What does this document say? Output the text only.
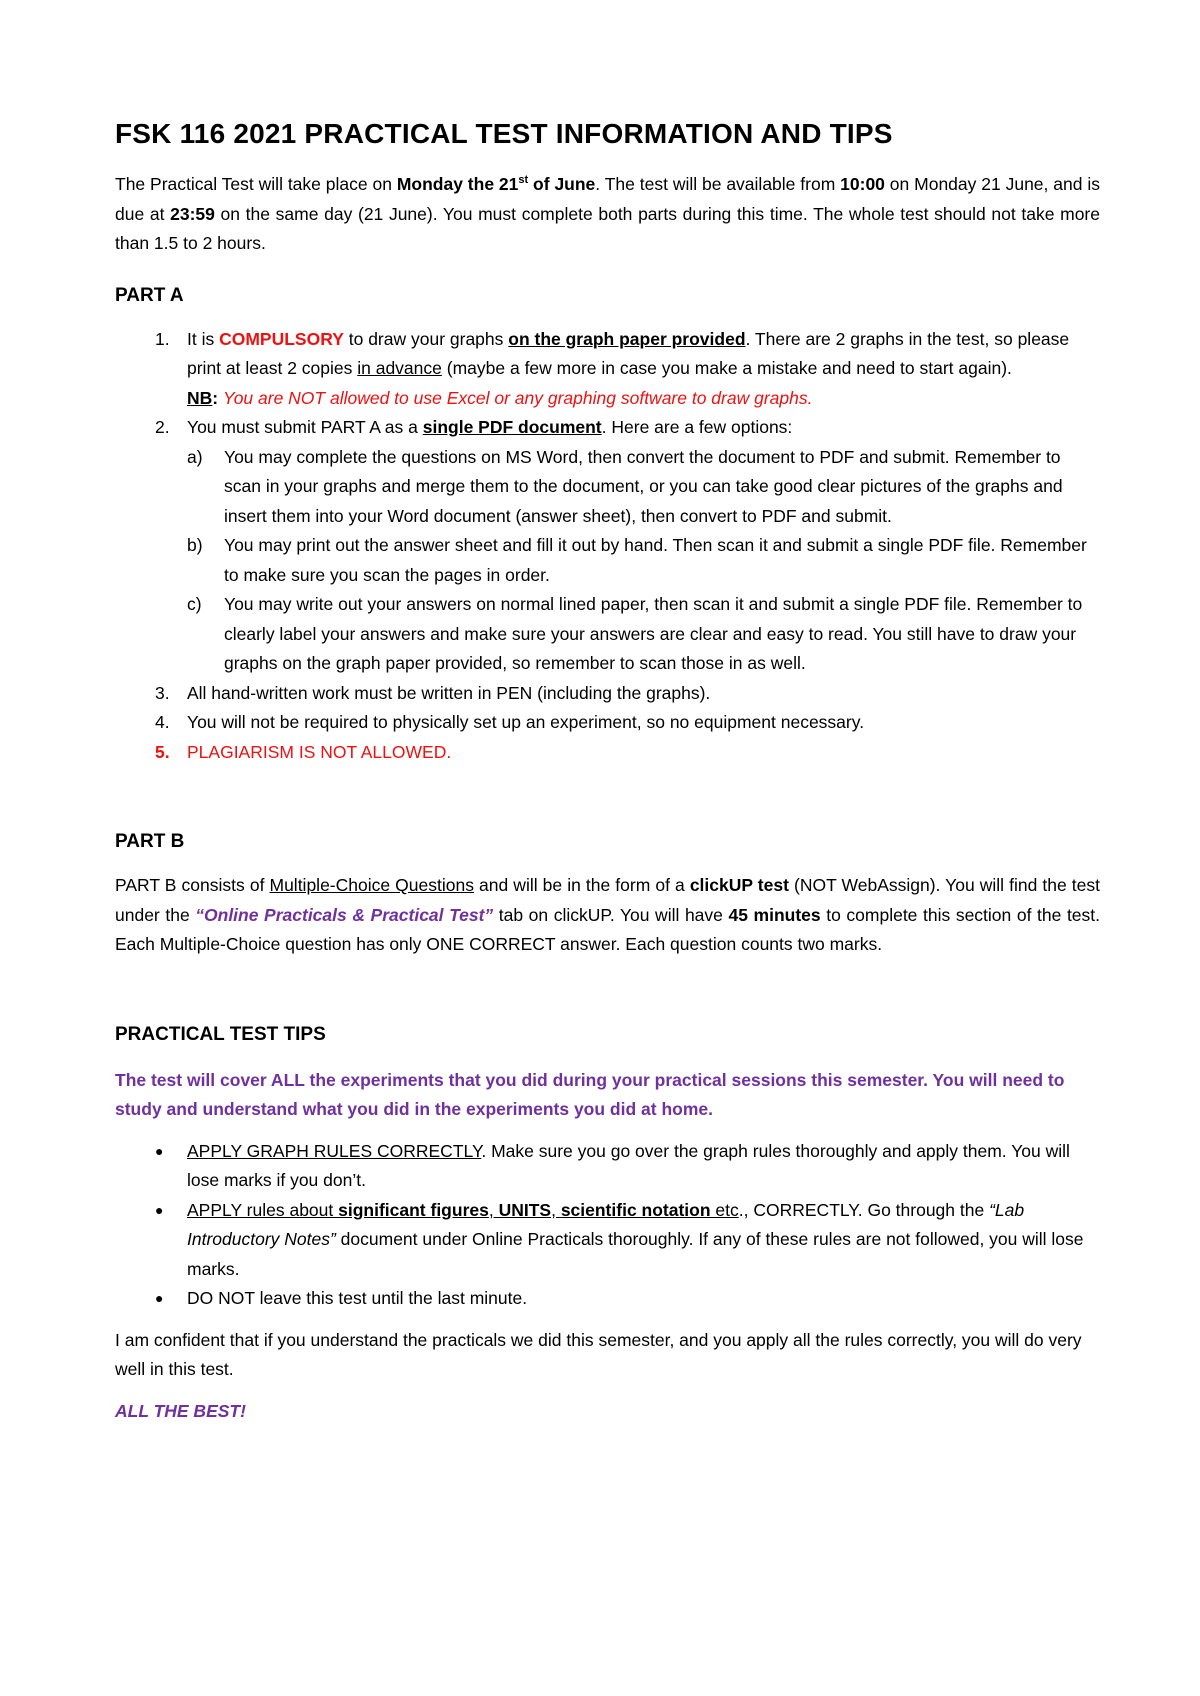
FSK 116 2021 PRACTICAL TEST INFORMATION AND TIPS

The Practical Test will take place on Monday the 21st of June. The test will be available from 10:00 on Monday 21 June, and is due at 23:59 on the same day (21 June). You must complete both parts during this time. The whole test should not take more than 1.5 to 2 hours.

PART A
1. It is COMPULSORY to draw your graphs on the graph paper provided. There are 2 graphs in the test, so please print at least 2 copies in advance (maybe a few more in case you make a mistake and need to start again).
NB: You are NOT allowed to use Excel or any graphing software to draw graphs.
2. You must submit PART A as a single PDF document. Here are a few options:
a) You may complete the questions on MS Word, then convert the document to PDF and submit. Remember to scan in your graphs and merge them to the document, or you can take good clear pictures of the graphs and insert them into your Word document (answer sheet), then convert to PDF and submit.
b) You may print out the answer sheet and fill it out by hand. Then scan it and submit a single PDF file. Remember to make sure you scan the pages in order.
c) You may write out your answers on normal lined paper, then scan it and submit a single PDF file. Remember to clearly label your answers and make sure your answers are clear and easy to read. You still have to draw your graphs on the graph paper provided, so remember to scan those in as well.
3. All hand-written work must be written in PEN (including the graphs).
4. You will not be required to physically set up an experiment, so no equipment necessary.
5. PLAGIARISM IS NOT ALLOWED.
PART B

PART B consists of Multiple-Choice Questions and will be in the form of a clickUP test (NOT WebAssign). You will find the test under the “Online Practicals & Practical Test” tab on clickUP. You will have 45 minutes to complete this section of the test. Each Multiple-Choice question has only ONE CORRECT answer. Each question counts two marks.

PRACTICAL TEST TIPS

The test will cover ALL the experiments that you did during your practical sessions this semester. You will need to study and understand what you did in the experiments you did at home.

● APPLY GRAPH RULES CORRECTLY. Make sure you go over the graph rules thoroughly and apply them. You will lose marks if you don’t.
● APPLY rules about significant figures, UNITS, scientific notation etc., CORRECTLY. Go through the “Lab Introductory Notes” document under Online Practicals thoroughly. If any of these rules are not followed, you will lose marks.
● DO NOT leave this test until the last minute.

I am confident that if you understand the practicals we did this semester, and you apply all the rules correctly, you will do very well in this test.

ALL THE BEST!
